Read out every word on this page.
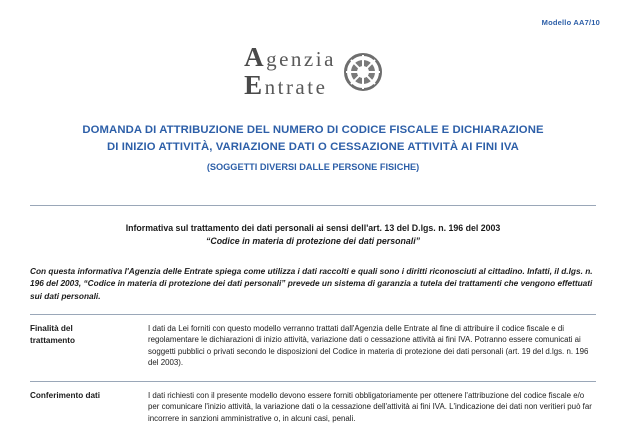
Modello AA7/10
Agenzia
Entrate
DOMANDA DI ATTRIBUZIONE DEL NUMERO DI CODICE FISCALE E DICHIARAZIONE
DI INIZIO ATTIVITÀ, VARIAZIONE DATI O CESSAZIONE ATTIVITÀ AI FINI IVA
(SOGGETTI DIVERSI DALLE PERSONE FISICHE)
Informativa sul trattamento dei dati personali ai sensi dell'art. 13 del D.lgs. n. 196 del 2003
“Codice in materia di protezione dei dati personali”
Con questa informativa l'Agenzia delle Entrate spiega come utilizza i dati raccolti e quali sono i diritti riconosciuti al cittadino. Infatti, il d.lgs. n. 196 del 2003, “Codice in materia di protezione dei dati personali” prevede un sistema di garanzia a tutela dei trattamenti che vengono effettuati sui dati personali.
Finalità del
trattamento

I dati da Lei forniti con questo modello verranno trattati dall'Agenzia delle Entrate al fine di attribuire il codice fiscale e di regolamentare le dichiarazioni di inizio attività, variazione dati o cessazione attività ai fini IVA. Potranno essere comunicati ai soggetti pubblici o privati secondo le disposizioni del Codice in materia di protezione dei dati personali (art. 19 del d.lgs. n. 196 del 2003).

Conferimento dati	I dati richiesti con il presente modello devono essere forniti obbligatoriamente per ottenere l'attribuzione del codice fiscale e/o per comunicare l'inizio attività, la variazione dati o la cessazione dell'attività ai fini IVA. L'indicazione dei dati non veritieri può far incorrere in sanzioni amministrative o, in alcuni casi, penali.
